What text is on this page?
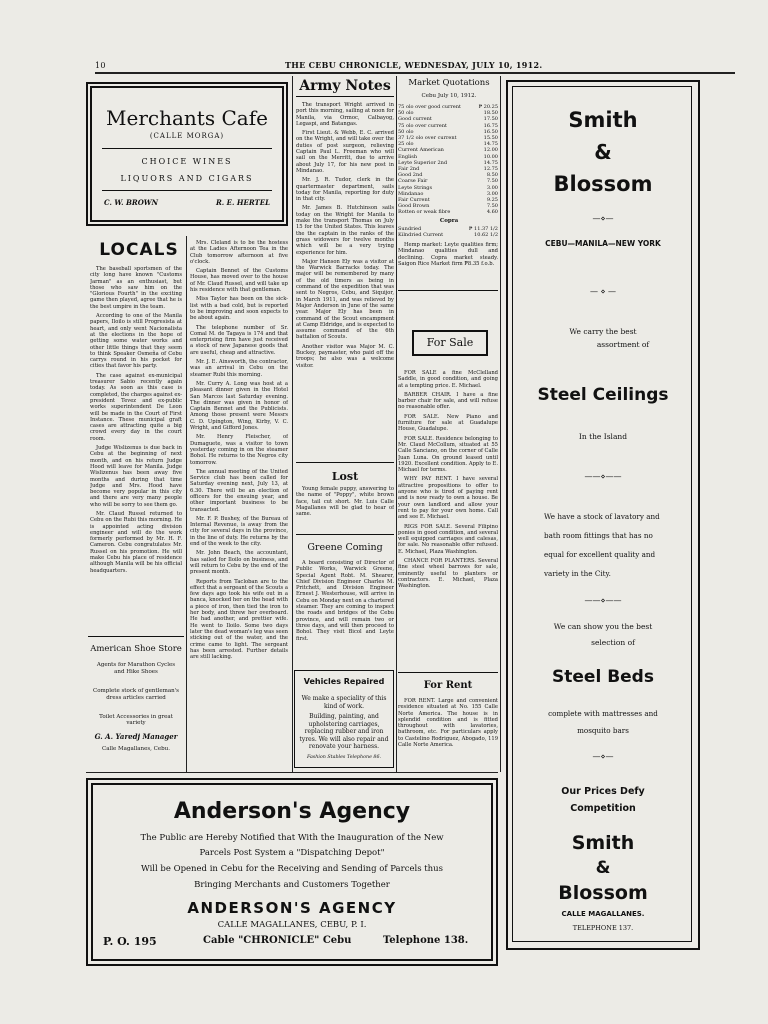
10	THE CEBU CHRONICLE, WEDNESDAY, JULY 10, 1912.
Merchants Cafe
(CALLE MORGA)
CHOICE WINES
LIQUORS AND CIGARS
C. W. BROWN	R. E. HERTEL
LOCALS

The baseball sportsmen of the city long have known "Customs Jarman" as an enthusiast, but those who saw him on the "Glorious Fourth" in the exciting game then played, agree that he is the best umpire in the team.

According to one of the Manila papers, Iloilo is still Progresista at heart, and only went Nacionalista at the elections in the hope of getting some water works and other little things that they seem to think Speaker Osmeña of Cebu carrys round in his pocket for cities that favor his party.

The case against ex-municipal treasurer Sabio recently again today. As soon as this case is completed, the charges against ex-president Tevez and ex-public works superintendent De Leon will be made in the Court of First Instance. These municipal graft cases are attracting quite a big crowd every day in the court room.

Judge Wislizenus is due back in Cebu at the beginning of next month, and on his return Judge Hood will leave for Manila. Judge Wislizenus has been away five months and during that time Judge and Mrs. Hood have become very popular in this city and there are very many people who will be sorry to see them go.

Mr. Claud Russel returned to Cebu on the Rubi this morning. He is appointed acting division engineer and will do the work formerly performed by Mr. H. F. Cameron. Cebu congratulates Mr. Russel on his promotion. He will make Cebu his place of residence although Manila will be his official headquarters.

American Shoe Store
Agents for Marathon Cycles and Hike Shoes
Complete stock of gentleman's dress articles carried
Toilet Accessories in great variety
G. A. Yaredj Manager
Calle Magallanes, Cebu.

Mrs. Cleland is to be the hostess at the Ladies Afternoon Tea in the Club tomorrow afternoon at five o'clock.

Captain Bennet of the Customs House, has moved over to the house of Mr. Claud Russel, and will take up his residence with that gentleman.

Miss Taylor has been on the sick-list with a bad cold, but is reported to be improving and soon expects to be about again.

The telephone number of Sr. Comal M. de Tagaya is 174 and that enterprising firm have just received a stock of new Japanese goods that are useful, cheap and attractive.

Mr. J. E. Ainsworth, the contractor, was an arrival in Cebu on the steamer Rubi this morning.

Mr. Curry A. Long was host at a pleasant dinner given in the Hotel San Marcos last Saturday evening. The dinner was given in honor of Captain Bennet and the Publicists. Among those present were Messrs C. D. Upington, Wing, Kirby, V. C. Wright, and Gifford Jones.

Mr. Henry Fleischer, of Dumaguete, was a visitor to town yesterday coming in on the steamer Bohol. He returns to the Negros city tomorrow.

The annual meeting of the United Service club has been called for Saturday evening next, July 13, at 6.30. There will be an election of officers for the ensuing year, and other important business to be transacted.

Mr. F. P. Bushey, of the Bureau of Internal Revenue, is away from the city for several days in the province, in the line of duty. He returns by the end of the week to the city.

Mr. John Beach, the accountant, has sailed for Iloilo on business, and will return to Cebu by the end of the present month.

Reports from Tacloban are to the effect that a sergeant of the Scouts a few days ago took his wife out in a banca, knocked her on the head with a piece of iron, then tied the iron to her body, and threw her overboard. He had another, and prettier wife. He went to Iloilo. Some two days later the dead woman's leg was seen sticking out of the water, and the crime came to light. The sergeant has been arrested. Further details are still lacking.

Army Notes

The transport Wright arrived in port this morning, sailing at noon for Manila, via Ormoc, Calbayog, Legaspi, and Batangas.

First Lieut. & Webb, E. C. arrived on the Wright, and will take over the duties of post surgeon, relieving Captain Paul L. Freeman who will sail on the Merritt, due to arrive about July 17, for his new post in Mindanao.

Mr. J. R. Tudor, clerk in the quartermaster department, sails today for Manila, reporting for duty in that city.

Mr. James B. Hutchinson sails today on the Wright for Manila to make the transport Thomas on July 15 for the United States. This leaves the the captain in the ranks of the grass widowers for twelve months which will be a very trying experience for him.

Major Hanson Ely was a visitor at the Warwick Barracks today. The major will be remembered by many of the old timers as being in command of the expedition that was sent to Negros, Cebu, and Siquijor, in March 1911, and was relieved by Major Anderson in June of the same year. Major Ely has been in command of the Scout encampment at Camp Eldridge, and is expected to assume command of the 6th battalion of Scouts.

Another visitor was Major M. C. Buckey, paymaster, who paid off the troops; he also was a welcome visitor.

Lost

Young female puppy, answering to the name of "Poppy", white brown face, tail cut short. Mr. Luis Calle Magallanes will be glad to hear of same.

Greene Coming

A board consisting of Director of Public Works, Warwick Greene, Special Agent Robt. M. Shearer, Chief Division Engineer Charles M. Pritchett, and Division Engineer Ernest J. Westerhouse, will arrive in Cebu on Monday next on a chartered steamer. They are coming to inspect the roads and bridges of the Cebu province, and will remain two or three days, and will then proceed to Bohol. They visit Bicol and Leyte first.

Vehicles Repaired
We make a speciality of this kind of work.
Building, painting, and upholstering carriages, replacing rubber and iron tyres. We will also repair and renovate your harness.
Fashion Stables Telephone 86.
Market Quotations
Cebu July 10, 1912.
75 olo over good current	₱ 20.25
50 olo	18.50
Good current	17.50
75 olo over current	16.75
50 olo	16.50
37 1/2 olo over current	15.50
25 olo	14.75
Current American	12.00
English	10.00
Leyte Superior 2nd	14.75
Fair 2nd	12.75
Good 2nd	8.50
Coarse Fair	7.50
Leyte Strings	3.00
Mindanao	3.00
Fair Current	9.25
Good Brown	7.50
Rotten or weak fibre	4.60
Copra
Sundried	₱ 11.37 1/2
Kilndried Current	10.62 1/2

Hemp market: Leyte qualities firm; Mindanao qualities dull and declining. Copra market steady. Saigon Rice Market firm ₱8.35 f.o.b.

For Sale

FOR SALE a fine McClelland Saddle, in good condition, and going at a tempting price. E. Michael.

BARBER CHAIR. I have a fine barber chair for sale, and will refuse no reasonable offer.

FOR SALE. New Piano and furniture for sale at Guadalupe House, Guadalupe.

FOR SALE. Residence belonging to Mr. Claud McCollum, situated at 55 Calle Sanciano, on the corner of Calle Juan Luna. On ground leased until 1920. Excellent condition. Apply to E. Michael for terms.

WHY PAY RENT. I have several attractive propositions to offer to anyone who is tired of paying rent and is now ready to own a house. Be your own landlord and allow your rent to pay for your own home. Call and see E. Michael.

RIGS FOR SALE. Several Filipino ponies in good condition, and several well equipped carriages and calesas, for sale. No reasonable offer refused. E. Michael, Plaza Washington.

CHANCE FOR PLANTERS. Several fine steel wheel barrows for sale, eminently useful to planters or contractors. E. Michael, Plaza Washington.

For Rent

FOR RENT. Large and convenient residence situated at No. 155 Calle Norte America. The house is in splendid condition and is fitted throughout with lavatories, bathroom, etc. For particulars apply to Castelino Rodriguez, Abogado, 119 Calle Norte America.

Smith
&
Blossom
—⋄—
CEBU—MANILA—NEW YORK
— ⋄ —
We carry the best
assortment of
Steel Ceilings
In the Island
——⋄——
We have a stock of lavatory and bath room fittings that has no equal for excellent quality and variety in the City.
——⋄——
We can show you the best
selection of
Steel Beds
complete with mattresses and mosquito bars
—⋄—
Our Prices Defy
Competition
Smith
&
Blossom
CALLE MAGALLANES.
TELEPHONE 137.
Anderson's Agency
The Public are Hereby Notified that With the Inauguration of the New
Parcels Post System a "Dispatching Depot"
Will be Opened in Cebu for the Receiving and Sending of Parcels thus
Bringing Merchants and Customers Together
ANDERSON'S AGENCY
CALLE MAGALLANES, CEBU, P. I.
P. O. 195	Cable "CHRONICLE" Cebu	Telephone 138.
